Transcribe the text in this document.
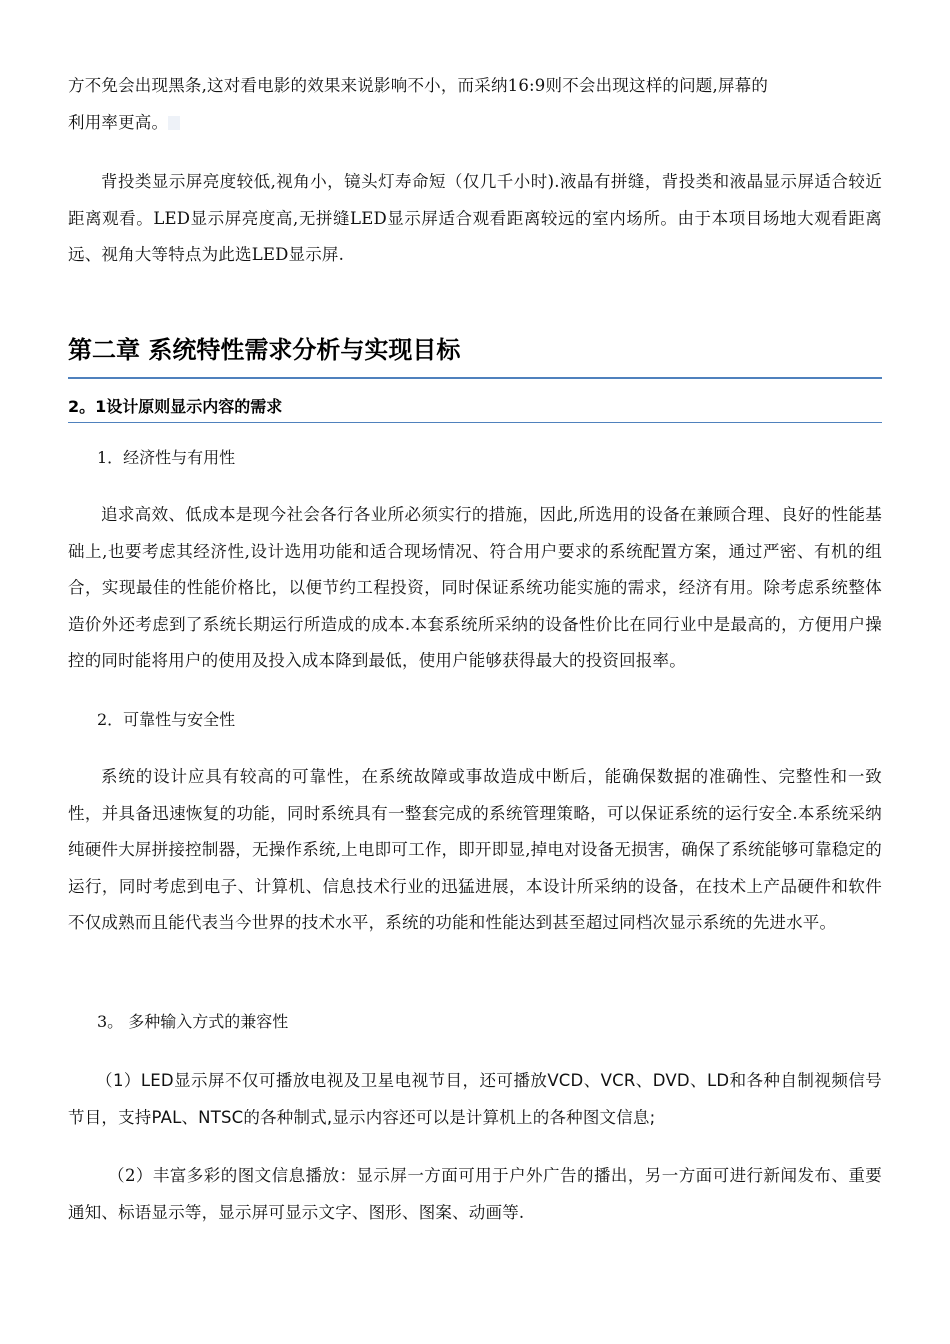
方不免会出现黑条,这对看电影的效果来说影响不小，而采纳16:9则不会出现这样的问题,屏幕的
利用率更高。

背投类显示屏亮度较低,视角小，镜头灯寿命短（仅几千小时).液晶有拼缝，背投类和液晶显示屏适合较近距离观看。LED显示屏亮度高,无拼缝LED显示屏适合观看距离较远的室内场所。由于本项目场地大观看距离远、视角大等特点为此选LED显示屏.

第二章 系统特性需求分析与实现目标
2。1设计原则显示内容的需求

1．经济性与有用性

追求高效、低成本是现今社会各行各业所必须实行的措施，因此,所选用的设备在兼顾合理、良好的性能基础上,也要考虑其经济性,设计选用功能和适合现场情况、符合用户要求的系统配置方案，通过严密、有机的组合，实现最佳的性能价格比，以便节约工程投资，同时保证系统功能实施的需求，经济有用。除考虑系统整体造价外还考虑到了系统长期运行所造成的成本.本套系统所采纳的设备性价比在同行业中是最高的，方便用户操控的同时能将用户的使用及投入成本降到最低，使用户能够获得最大的投资回报率。

2．可靠性与安全性

系统的设计应具有较高的可靠性，在系统故障或事故造成中断后，能确保数据的准确性、完整性和一致性，并具备迅速恢复的功能，同时系统具有一整套完成的系统管理策略，可以保证系统的运行安全.本系统采纳纯硬件大屏拼接控制器，无操作系统,上电即可工作，即开即显,掉电对设备无损害，确保了系统能够可靠稳定的运行，同时考虑到电子、计算机、信息技术行业的迅猛进展，本设计所采纳的设备，在技术上产品硬件和软件不仅成熟而且能代表当今世界的技术水平，系统的功能和性能达到甚至超过同档次显示系统的先进水平。

3。 多种输入方式的兼容性

（1）LED显示屏不仅可播放电视及卫星电视节目，还可播放VCD、VCR、DVD、LD和各种自制视频信号节目，支持PAL、NTSC的各种制式,显示内容还可以是计算机上的各种图文信息;

（2）丰富多彩的图文信息播放：显示屏一方面可用于户外广告的播出，另一方面可进行新闻发布、重要通知、标语显示等，显示屏可显示文字、图形、图案、动画等.
